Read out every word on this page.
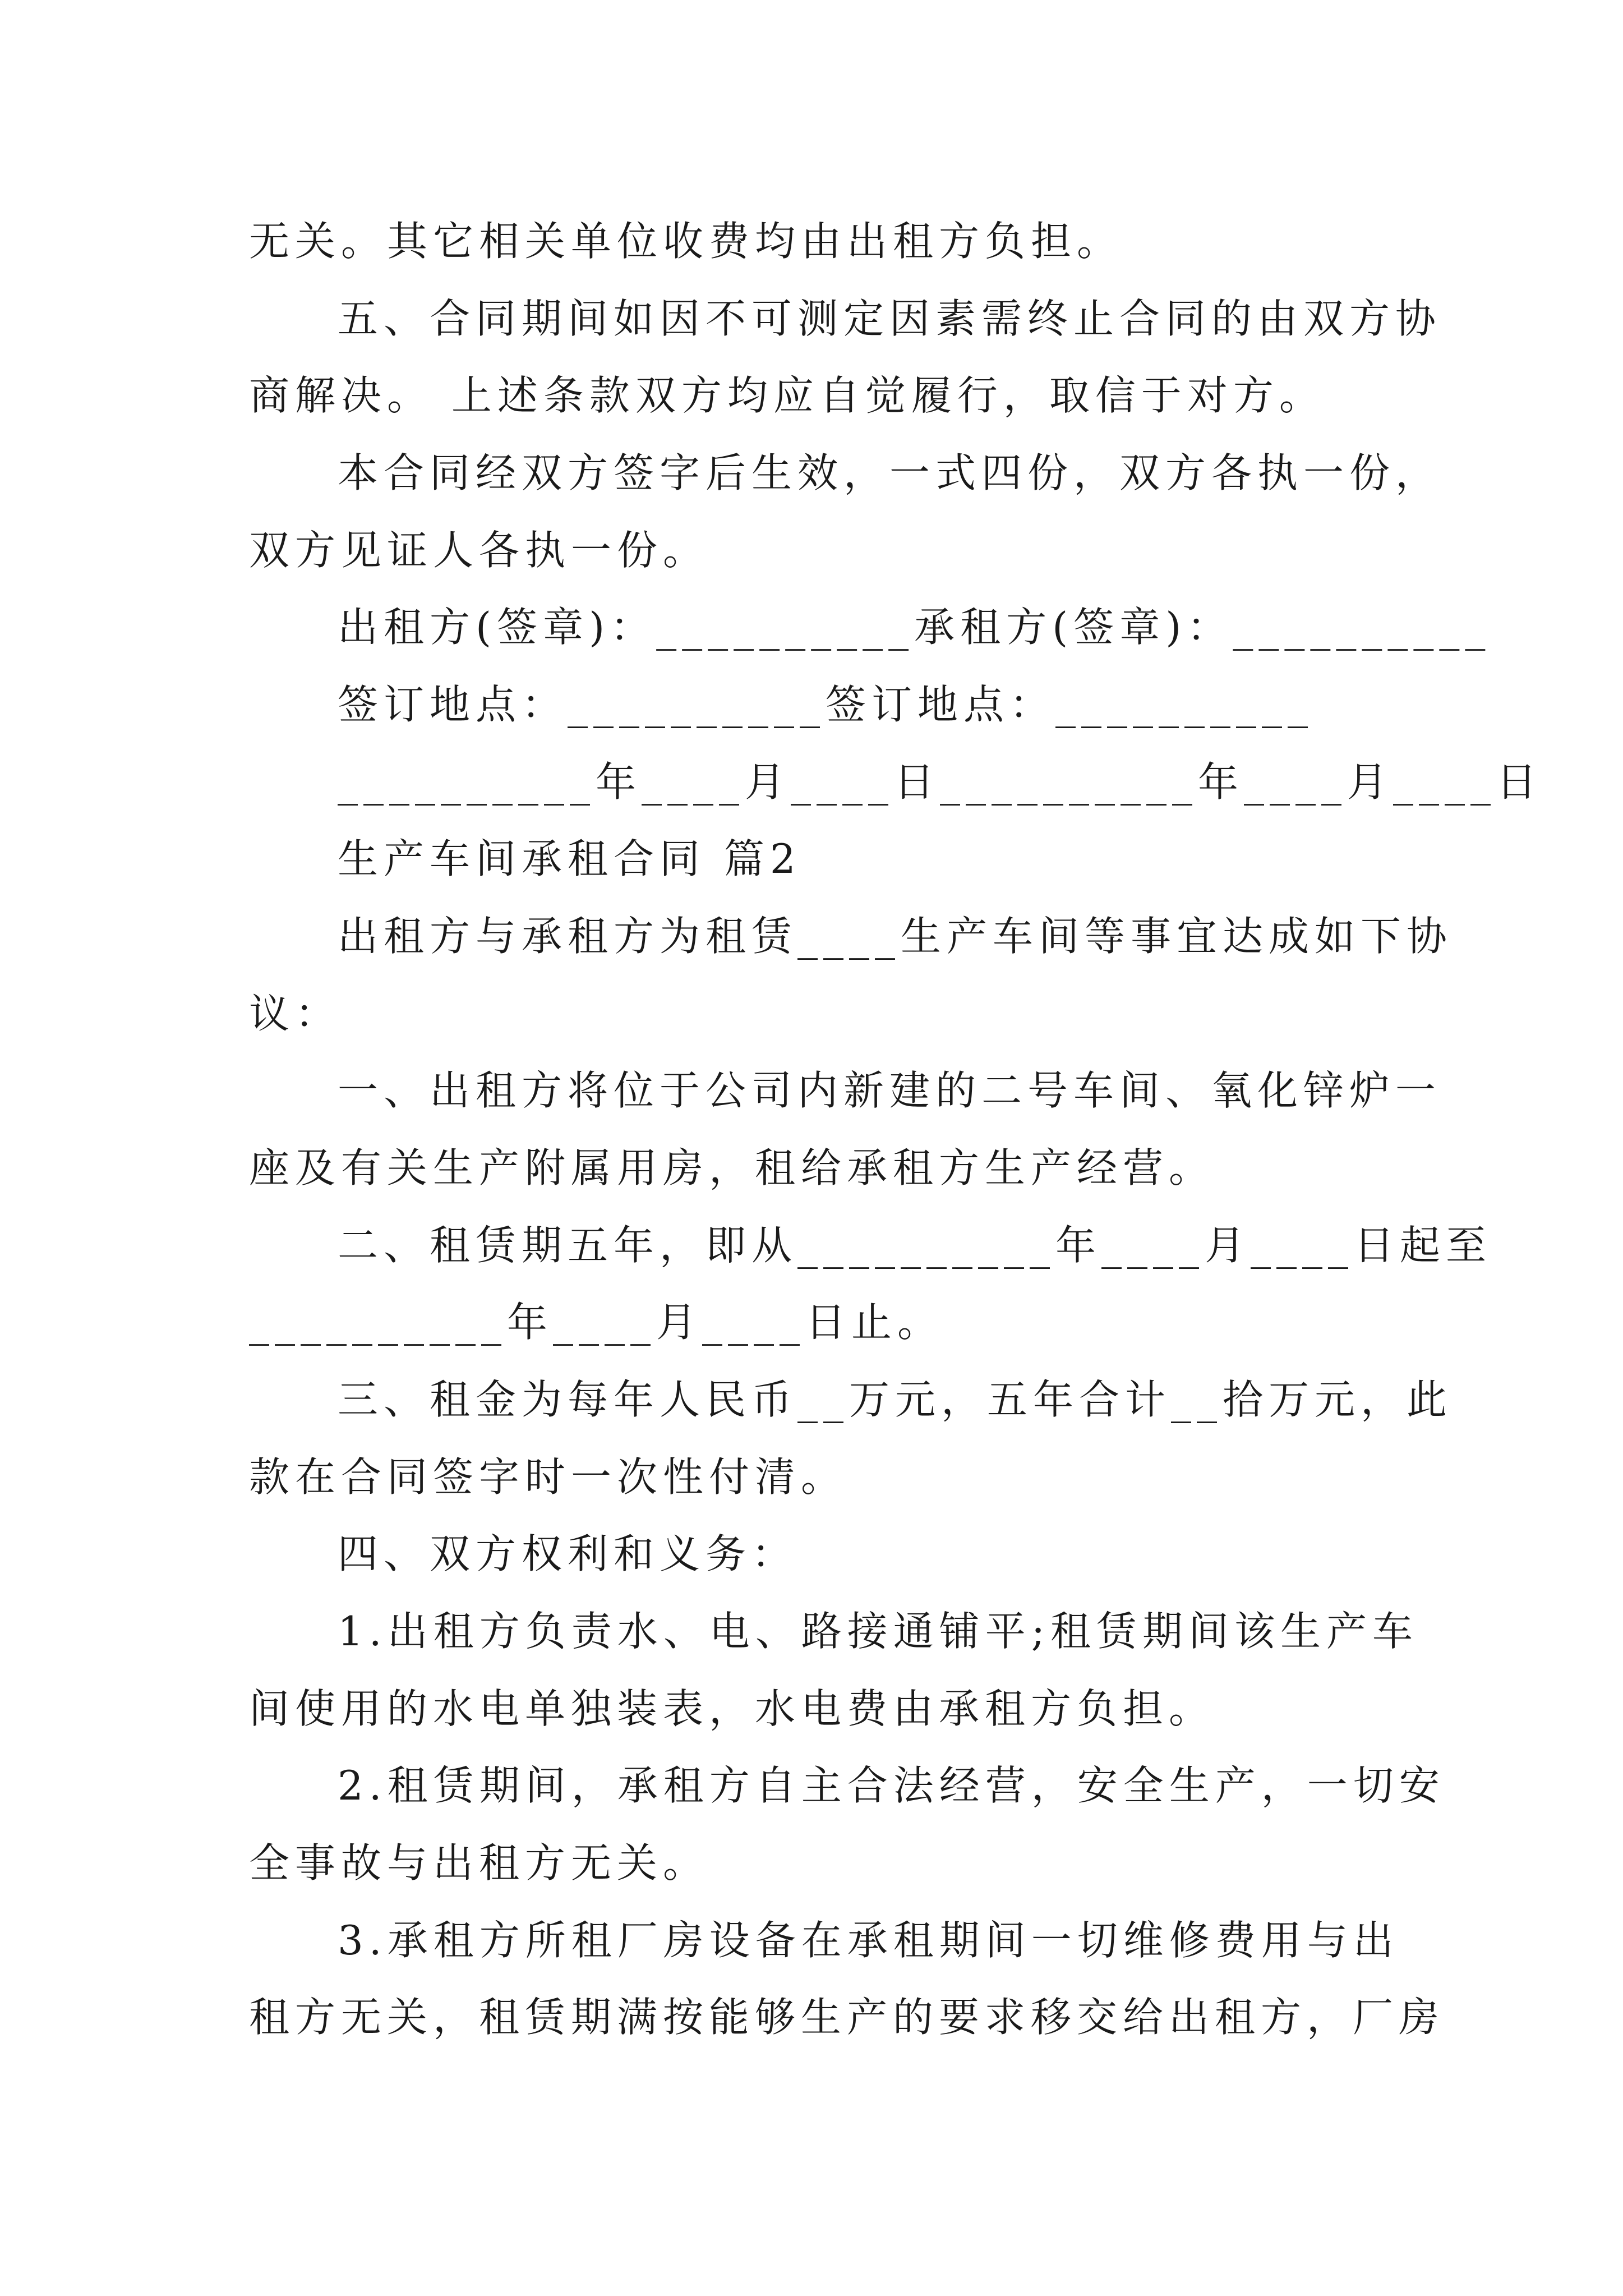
无关。其它相关单位收费均由出租方负担。
五、合同期间如因不可测定因素需终止合同的由双方协
商解决。 上述条款双方均应自觉履行，取信于对方。
本合同经双方签字后生效，一式四份，双方各执一份，
双方见证人各执一份。
出租方(签章)：__________承租方(签章)：__________
签订地点：__________签订地点：__________
__________年____月____日__________年____月____日
生产车间承租合同 篇2
出租方与承租方为租赁____生产车间等事宜达成如下协
议：
一、出租方将位于公司内新建的二号车间、氧化锌炉一
座及有关生产附属用房，租给承租方生产经营。
二、租赁期五年，即从__________年____月____日起至
__________年____月____日止。
三、租金为每年人民币__万元，五年合计__拾万元，此
款在合同签字时一次性付清。
四、双方权利和义务：
1.出租方负责水、电、路接通铺平;租赁期间该生产车
间使用的水电单独装表，水电费由承租方负担。
2.租赁期间，承租方自主合法经营，安全生产，一切安
全事故与出租方无关。
3.承租方所租厂房设备在承租期间一切维修费用与出
租方无关，租赁期满按能够生产的要求移交给出租方，厂房
